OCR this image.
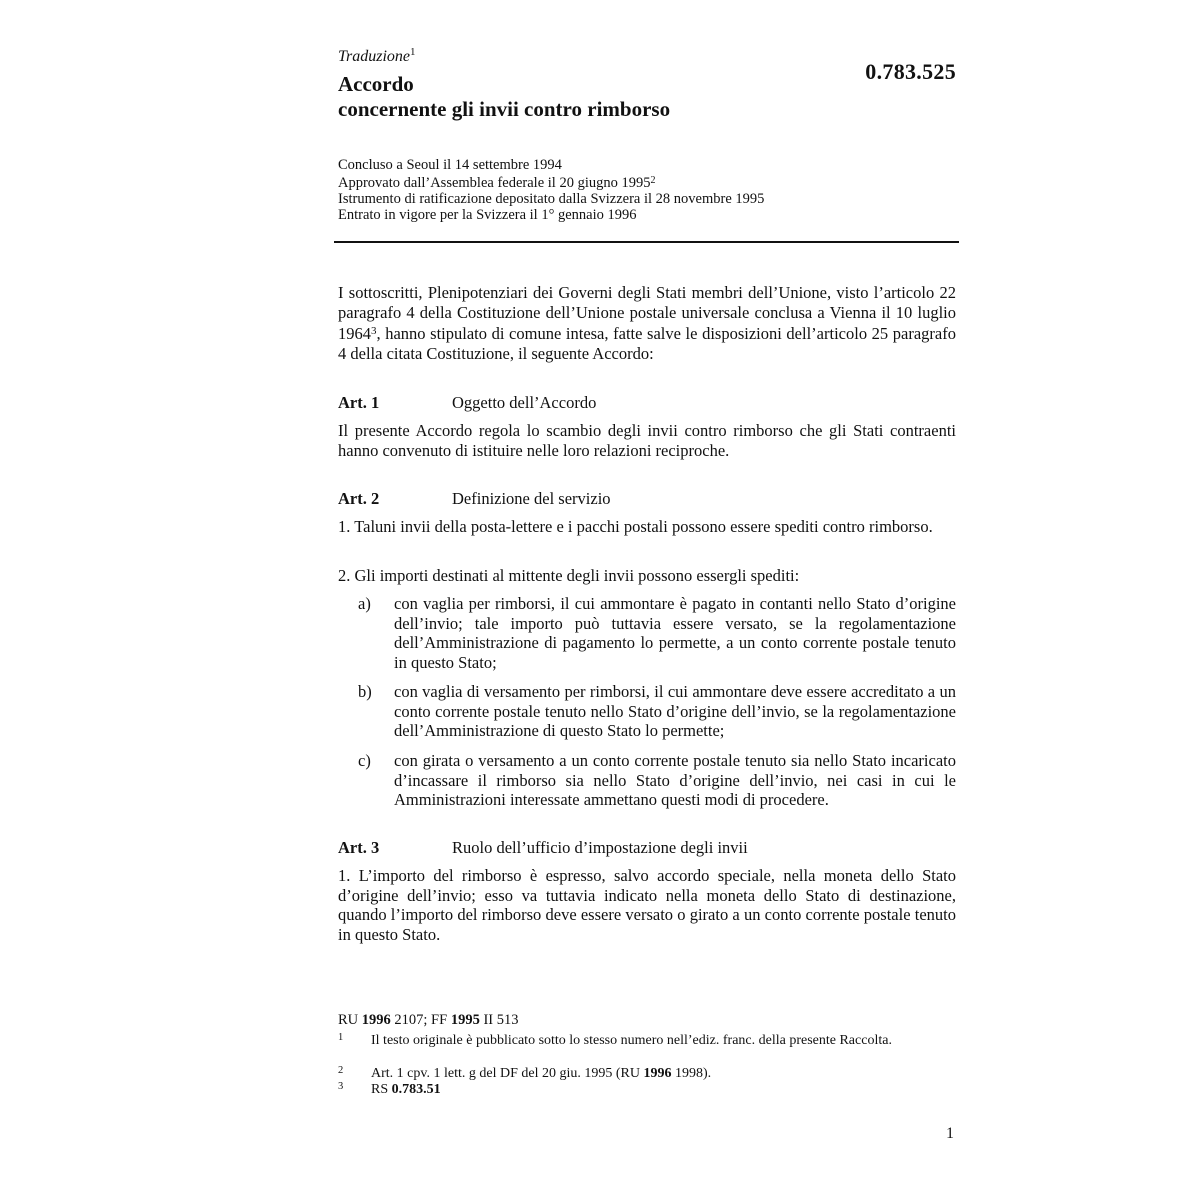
Traduzione$^1$
0.783.525
Accordo
concernente gli invii contro rimborso
Concluso a Seoul il 14 settembre 1994
Approvato dall’Assemblea federale il 20 giugno 1995$^2$
Istrumento di ratificazione depositato dalla Svizzera il 28 novembre 1995
Entrato in vigore per la Svizzera il 1° gennaio 1996

I sottoscritti, Plenipotenziari dei Governi degli Stati membri dell’Unione, visto l’articolo 22 paragrafo 4 della Costituzione dell’Unione postale universale conclusa a Vienna il 10 luglio 1964$^3$, hanno stipulato di comune intesa, fatte salve le disposizioni dell’articolo 25 paragrafo 4 della citata Costituzione, il seguente Accordo:

Art. 1	Oggetto dell’Accordo

Il presente Accordo regola lo scambio degli invii contro rimborso che gli Stati contraenti hanno convenuto di istituire nelle loro relazioni reciproche.

Art. 2	Definizione del servizio

1. Taluni invii della posta-lettere e i pacchi postali possono essere spediti contro rimborso.

2. Gli importi destinati al mittente degli invii possono essergli spediti:

a) con vaglia per rimborsi, il cui ammontare è pagato in contanti nello Stato d’origine dell’invio; tale importo può tuttavia essere versato, se la regolamentazione dell’Amministrazione di pagamento lo permette, a un conto corrente postale tenuto in questo Stato;
b) con vaglia di versamento per rimborsi, il cui ammontare deve essere accreditato a un conto corrente postale tenuto nello Stato d’origine dell’invio, se la regolamentazione dell’Amministrazione di questo Stato lo permette;
c) con girata o versamento a un conto corrente postale tenuto sia nello Stato incaricato d’incassare il rimborso sia nello Stato d’origine dell’invio, nei casi in cui le Amministrazioni interessate ammettano questi modi di procedere.
Art. 3	Ruolo dell’ufficio d’impostazione degli invii

1. L’importo del rimborso è espresso, salvo accordo speciale, nella moneta dello Stato d’origine dell’invio; esso va tuttavia indicato nella moneta dello Stato di destinazione, quando l’importo del rimborso deve essere versato o girato a un conto corrente postale tenuto in questo Stato.

RU 1996 2107; FF 1995 II 513
1 Il testo originale è pubblicato sotto lo stesso numero nell’ediz. franc. della presente Raccolta.
2 Art. 1 cpv. 1 lett. g del DF del 20 giu. 1995 (RU 1996 1998).
3 RS 0.783.51
1
